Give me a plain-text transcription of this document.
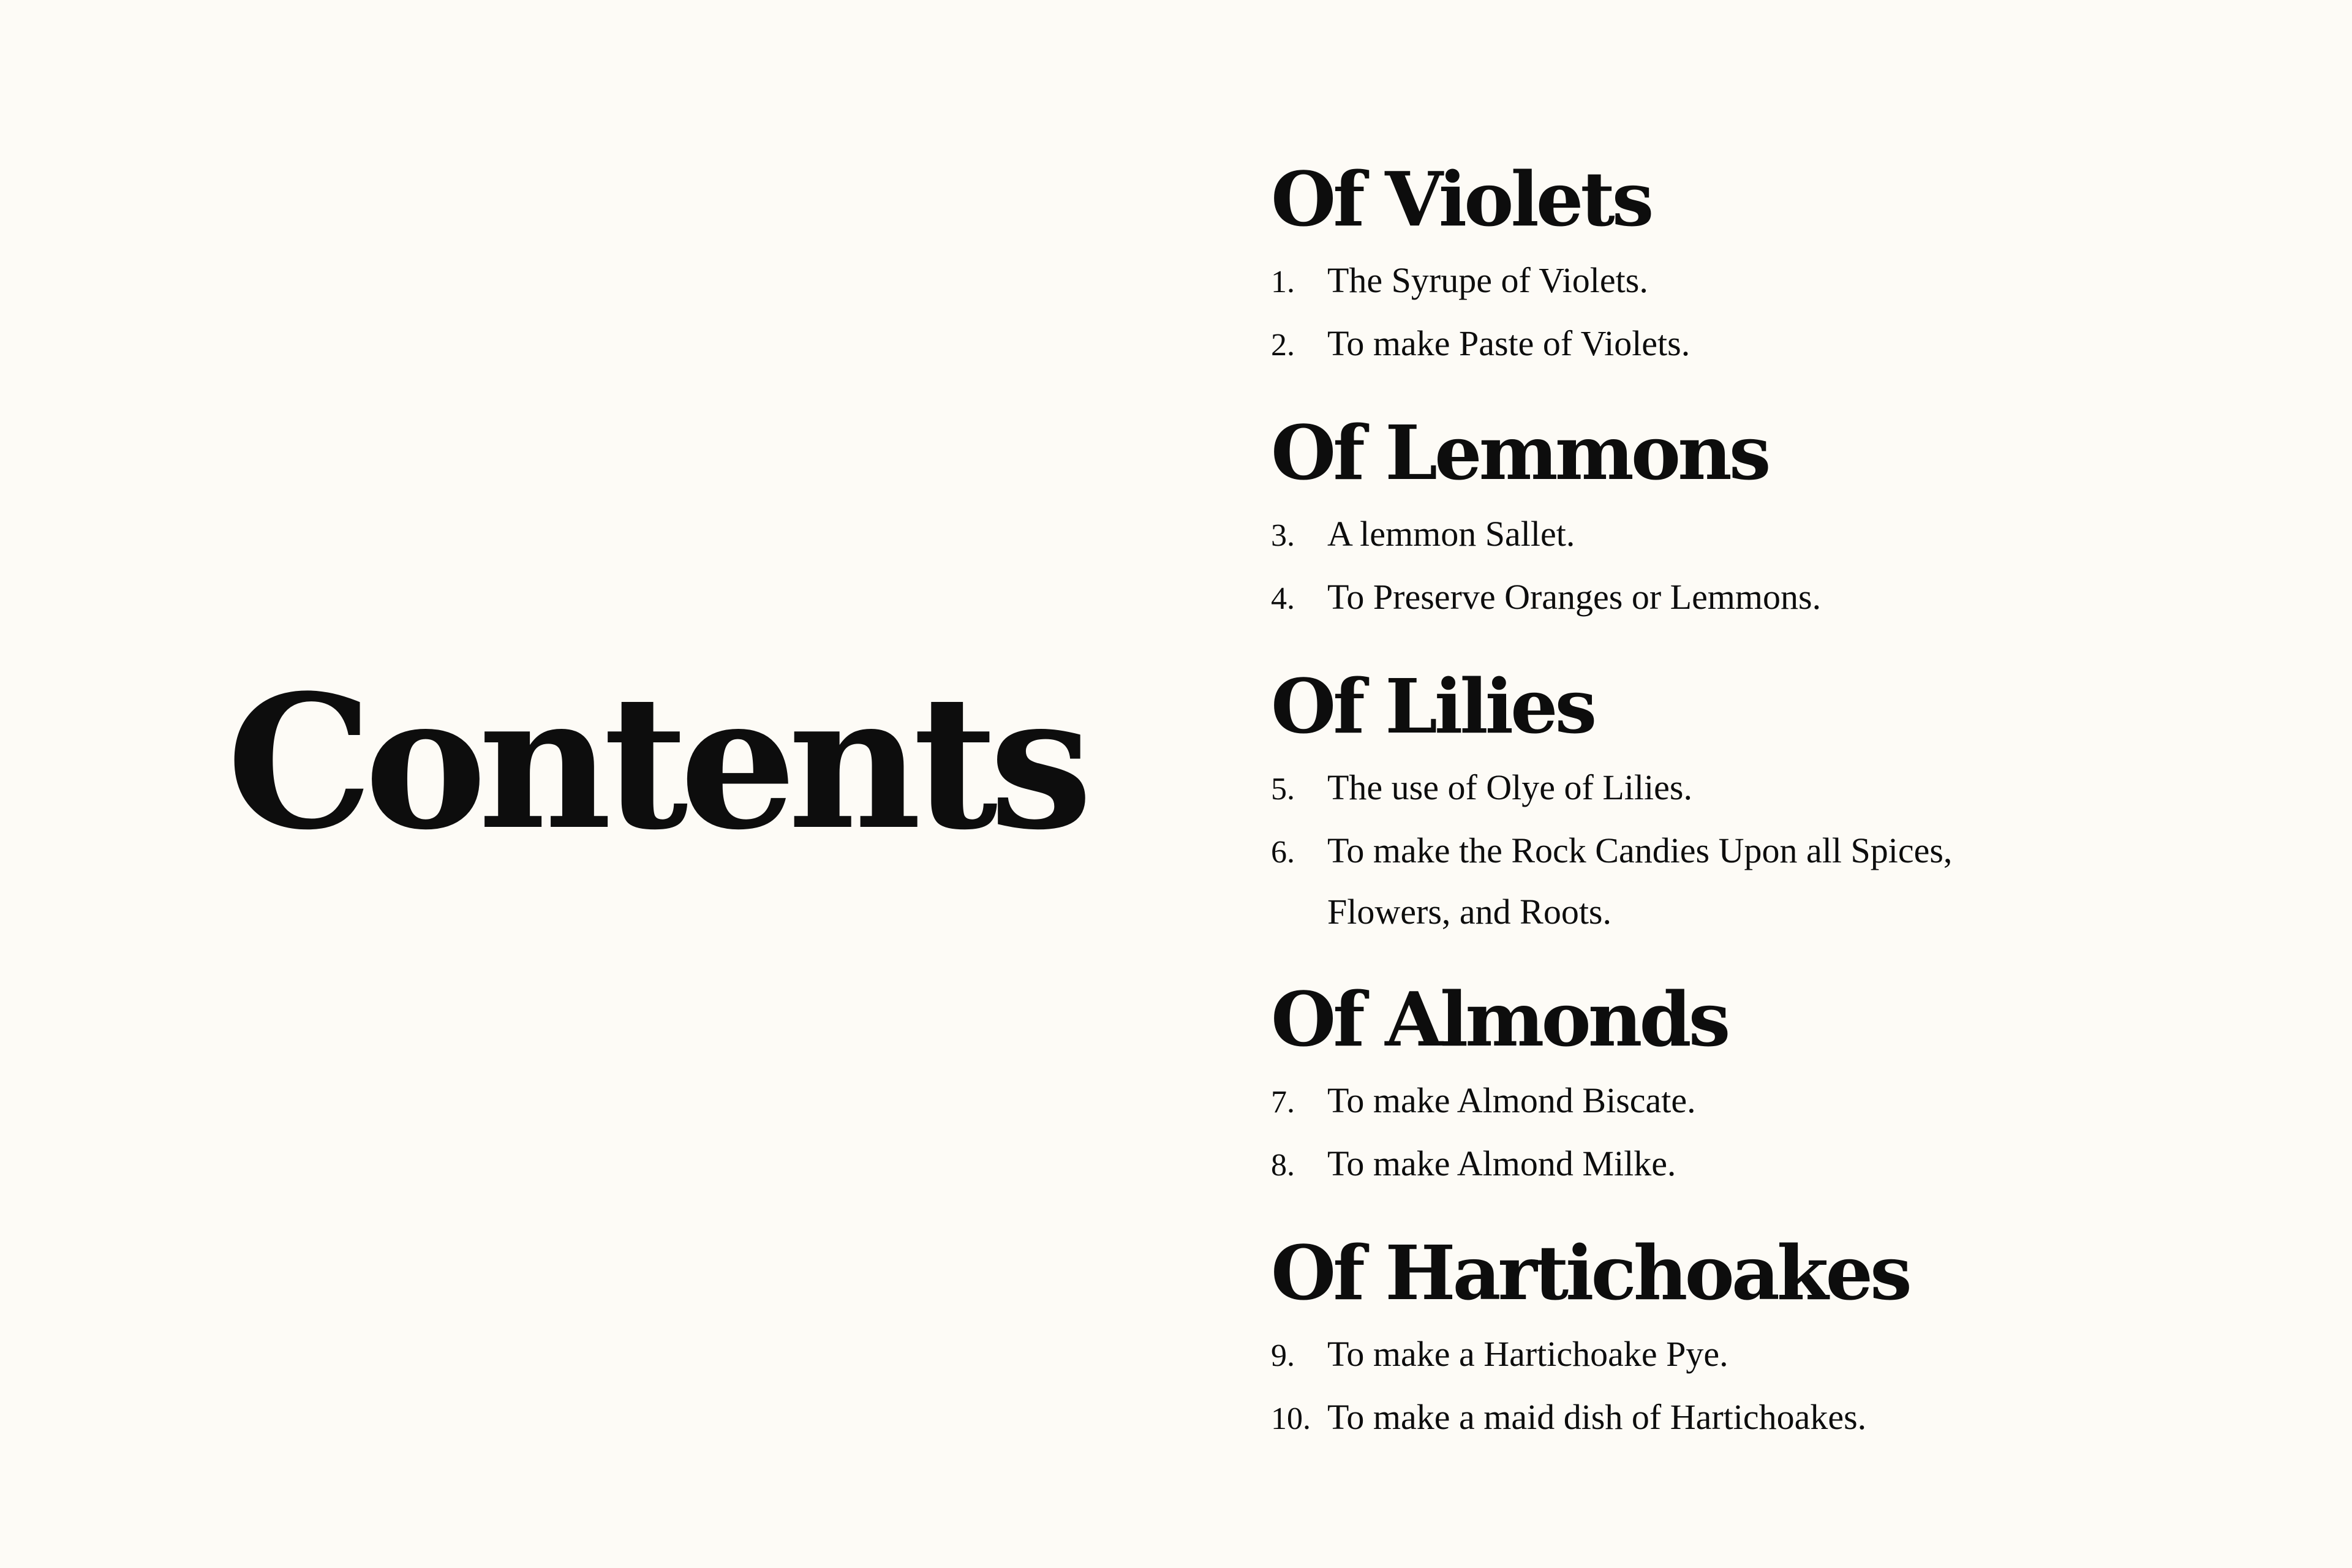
Contents
Of Violets
1. The Syrupe of Violets.
2. To make Paste of Violets.
Of Lemmons
3. A lemmon Sallet.
4. To Preserve Oranges or Lemmons.
Of Lilies
5. The use of Olye of Lilies.
6. To make the Rock Candies Upon all Spices, Flowers, and Roots.
Of Almonds
7. To make Almond Biscate.
8. To make Almond Milke.
Of Hartichoakes
9. To make a Hartichoake Pye.
10. To make a maid dish of Hartichoakes.
